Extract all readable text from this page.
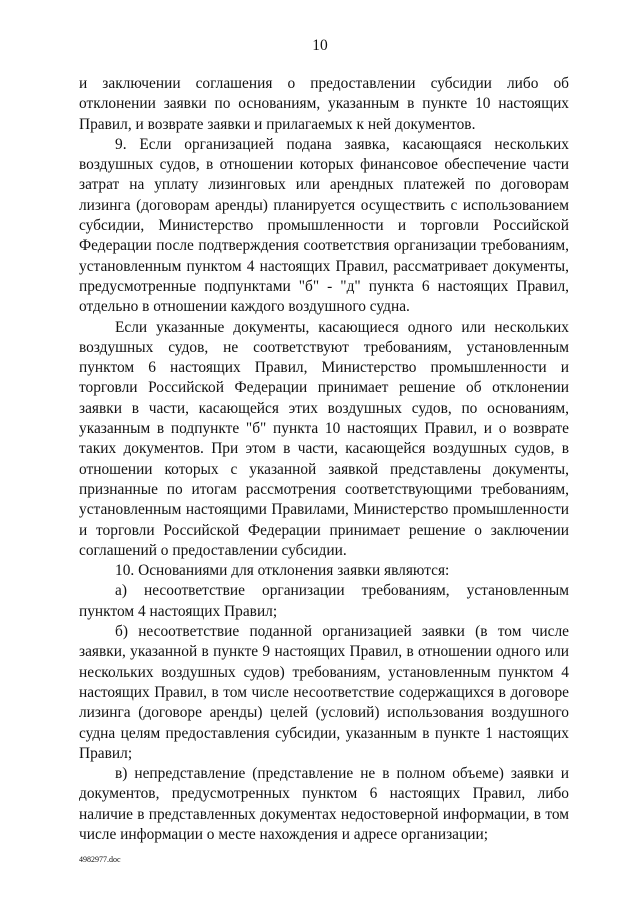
10

и заключении соглашения о предоставлении субсидии либо об отклонении заявки по основаниям, указанным в пункте 10 настоящих Правил, и возврате заявки и прилагаемых к ней документов.

9. Если организацией подана заявка, касающаяся нескольких воздушных судов, в отношении которых финансовое обеспечение части затрат на уплату лизинговых или арендных платежей по договорам лизинга (договорам аренды) планируется осуществить с использованием субсидии, Министерство промышленности и торговли Российской Федерации после подтверждения соответствия организации требованиям, установленным пунктом 4 настоящих Правил, рассматривает документы, предусмотренные подпунктами "б" - "д" пункта 6 настоящих Правил, отдельно в отношении каждого воздушного судна.

Если указанные документы, касающиеся одного или нескольких воздушных судов, не соответствуют требованиям, установленным пунктом 6 настоящих Правил, Министерство промышленности и торговли Российской Федерации принимает решение об отклонении заявки в части, касающейся этих воздушных судов, по основаниям, указанным в подпункте "б" пункта 10 настоящих Правил, и о возврате таких документов. При этом в части, касающейся воздушных судов, в отношении которых с указанной заявкой представлены документы, признанные по итогам рассмотрения соответствующими требованиям, установленным настоящими Правилами, Министерство промышленности и торговли Российской Федерации принимает решение о заключении соглашений о предоставлении субсидии.

10. Основаниями для отклонения заявки являются:

а) несоответствие организации требованиям, установленным пунктом 4 настоящих Правил;

б) несоответствие поданной организацией заявки (в том числе заявки, указанной в пункте 9 настоящих Правил, в отношении одного или нескольких воздушных судов) требованиям, установленным пунктом 4 настоящих Правил, в том числе несоответствие содержащихся в договоре лизинга (договоре аренды) целей (условий) использования воздушного судна целям предоставления субсидии, указанным в пункте 1 настоящих Правил;

в) непредставление (представление не в полном объеме) заявки и документов, предусмотренных пунктом 6 настоящих Правил, либо наличие в представленных документах недостоверной информации, в том числе информации о месте нахождения и адресе организации;

4982977.doc
